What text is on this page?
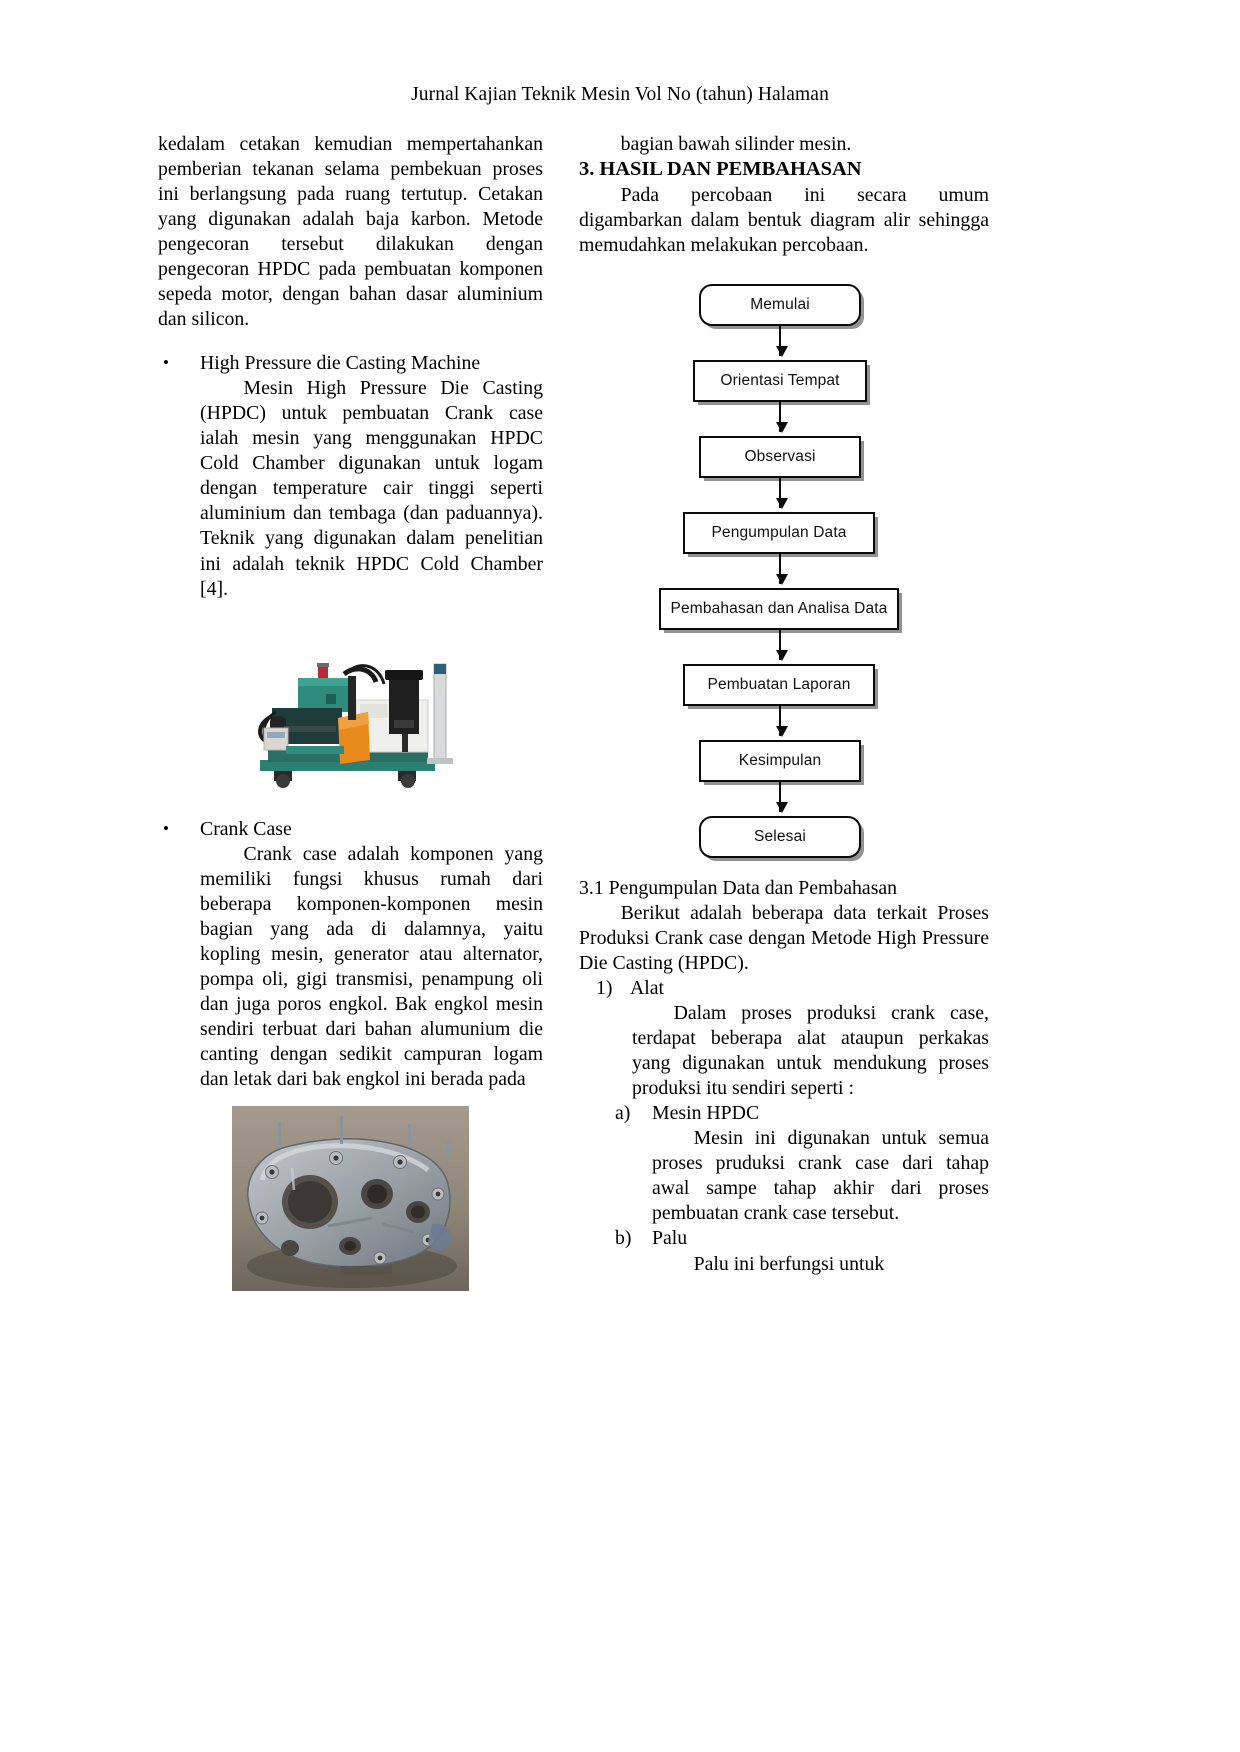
Jurnal Kajian Teknik Mesin Vol No (tahun) Halaman

kedalam cetakan kemudian mempertahankan pemberian tekanan selama pembekuan proses ini berlangsung pada ruang tertutup. Cetakan yang digunakan adalah baja karbon. Metode pengecoran tersebut dilakukan dengan pengecoran HPDC pada pembuatan komponen sepeda motor, dengan bahan dasar aluminium dan silicon.

•	High Pressure die Casting Machine

Mesin High Pressure Die Casting (HPDC) untuk pembuatan Crank case ialah mesin yang menggunakan HPDC Cold Chamber digunakan untuk logam dengan temperature cair tinggi seperti aluminium dan tembaga (dan paduannya). Teknik yang digunakan dalam penelitian ini adalah teknik HPDC Cold Chamber [4].

•	Crank Case

Crank case adalah komponen yang memiliki fungsi khusus rumah dari beberapa komponen-komponen mesin bagian yang ada di dalamnya, yaitu kopling mesin, generator atau alternator, pompa oli, gigi transmisi, penampung oli dan juga poros engkol. Bak engkol mesin sendiri terbuat dari bahan alumunium die canting dengan sedikit campuran logam dan letak dari bak engkol ini berada pada

bagian bawah silinder mesin.

3. HASIL DAN PEMBAHASAN

Pada percobaan ini secara umum digambarkan dalam bentuk diagram alir sehingga memudahkan melakukan percobaan.

Memulai
Orientasi Tempat
Observasi
Pengumpulan Data
Pembahasan dan Analisa Data
Pembuatan Laporan
Kesimpulan
Selesai

3.1 Pengumpulan Data dan Pembahasan

Berikut adalah beberapa data terkait Proses Produksi Crank case dengan Metode High Pressure Die Casting (HPDC).

1) Alat

Dalam proses produksi crank case, terdapat beberapa alat ataupun perkakas yang digunakan untuk mendukung proses produksi itu sendiri seperti :

a)	Mesin HPDC

Mesin ini digunakan untuk semua proses pruduksi crank case dari tahap awal sampe tahap akhir dari proses pembuatan crank case tersebut.

b)	Palu

Palu ini berfungsi untuk
